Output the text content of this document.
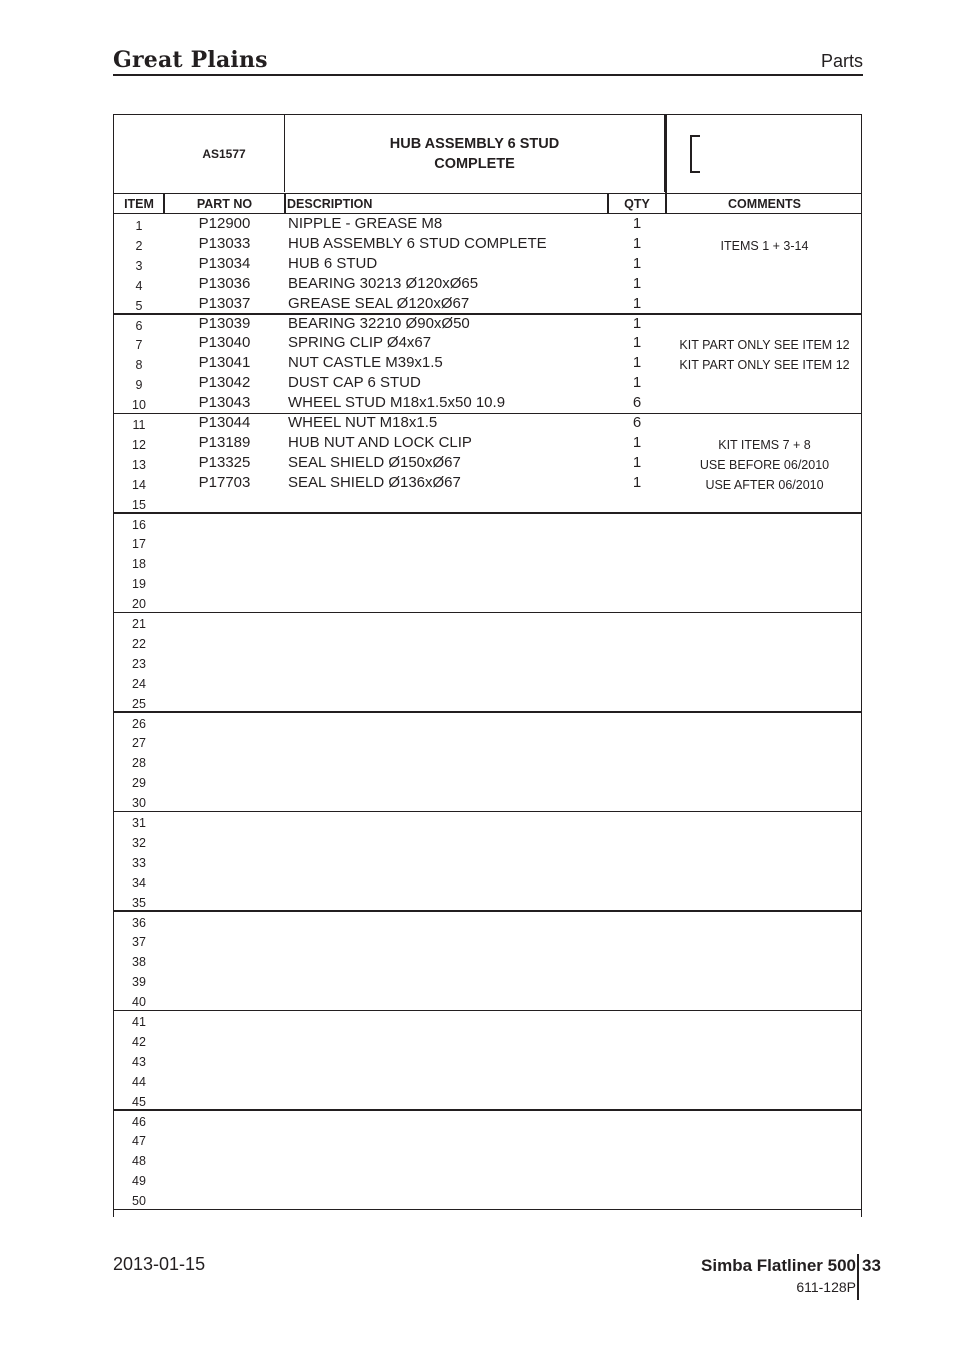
Great Plains	Parts
AS1577
HUB ASSEMBLY 6 STUD
COMPLETE
ITEM	PART NO	DESCRIPTION	QTY	COMMENTS
1	P12900	NIPPLE - GREASE M8	1
2	P13033	HUB ASSEMBLY 6 STUD COMPLETE	1	ITEMS 1 + 3-14
3	P13034	HUB 6 STUD	1
4	P13036	BEARING 30213 Ø120xØ65	1
5	P13037	GREASE SEAL Ø120xØ67	1
6	P13039	BEARING 32210 Ø90xØ50	1
7	P13040	SPRING CLIP Ø4x67	1	KIT PART ONLY SEE ITEM 12
8	P13041	NUT CASTLE M39x1.5	1	KIT PART ONLY SEE ITEM 12
9	P13042	DUST CAP 6 STUD	1
10	P13043	WHEEL STUD M18x1.5x50 10.9	6
11	P13044	WHEEL NUT M18x1.5	6
12	P13189	HUB NUT AND LOCK CLIP	1	KIT ITEMS 7 + 8
13	P13325	SEAL SHIELD Ø150xØ67	1	USE BEFORE 06/2010
14	P17703	SEAL SHIELD Ø136xØ67	1	USE AFTER 06/2010
15
16
17
18
19
20
21
22
23
24
25
26
27
28
29
30
31
32
33
34
35
36
37
38
39
40
41
42
43
44
45
46
47
48
49
50
2013-01-15	Simba Flatliner 500
611-128P
33
